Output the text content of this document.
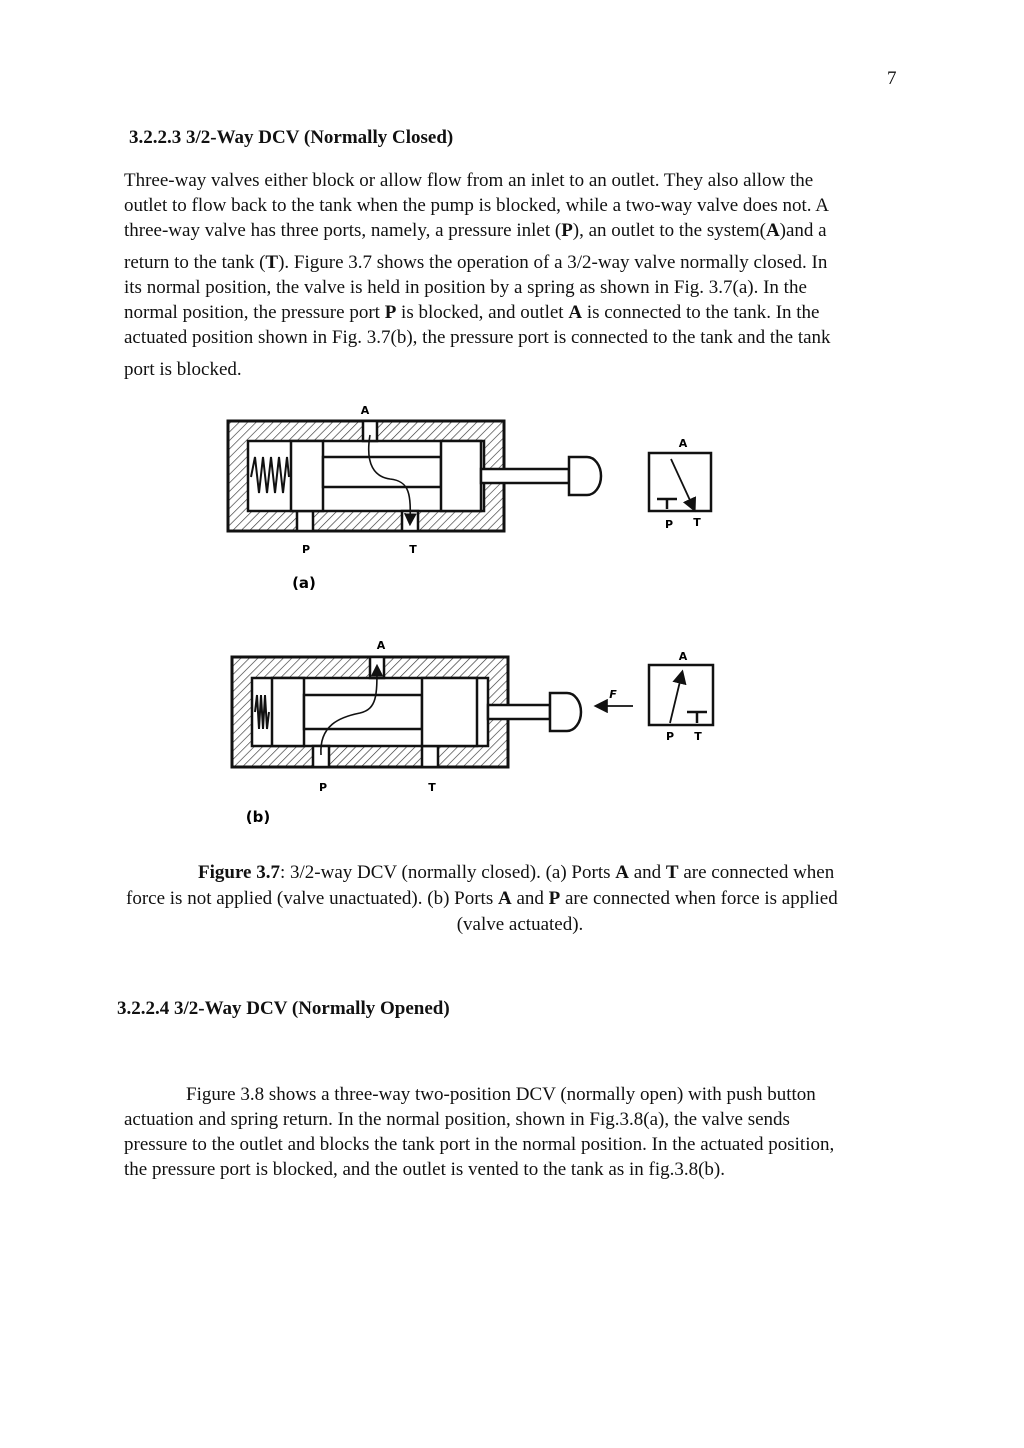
7
3.2.2.3 3/2-Way DCV (Normally Closed)
Three-way valves either block or allow flow from an inlet to an outlet. They also allow the
outlet to flow back to the tank when the pump is blocked, while a two-way valve does not. A
three-way valve has three ports, namely, a pressure inlet (P), an outlet to the system(A)and a
return to the tank (T). Figure 3.7 shows the operation of a 3/2-way valve normally closed. In
its normal position, the valve is held in position by a spring as shown in Fig. 3.7(a). In the
normal position, the pressure port P is blocked, and outlet A is connected to the tank. In the
actuated position shown in Fig. 3.7(b), the pressure port is connected to the tank and the tank
port is blocked.
A
P	T
A
P T
(a)
F
A
P	T
A
P T
(b)
Figure 3.7: 3/2-way DCV (normally closed). (a) Ports A and T are connected when
force is not applied (valve unactuated). (b) Ports A and P are connected when force is applied
(valve actuated).
3.2.2.4 3/2-Way DCV (Normally Opened)
Figure 3.8 shows a three-way two-position DCV (normally open) with push button
actuation and spring return. In the normal position, shown in Fig.3.8(a), the valve sends
pressure to the outlet and blocks the tank port in the normal position. In the actuated position,
the pressure port is blocked, and the outlet is vented to the tank as in fig.3.8(b).
